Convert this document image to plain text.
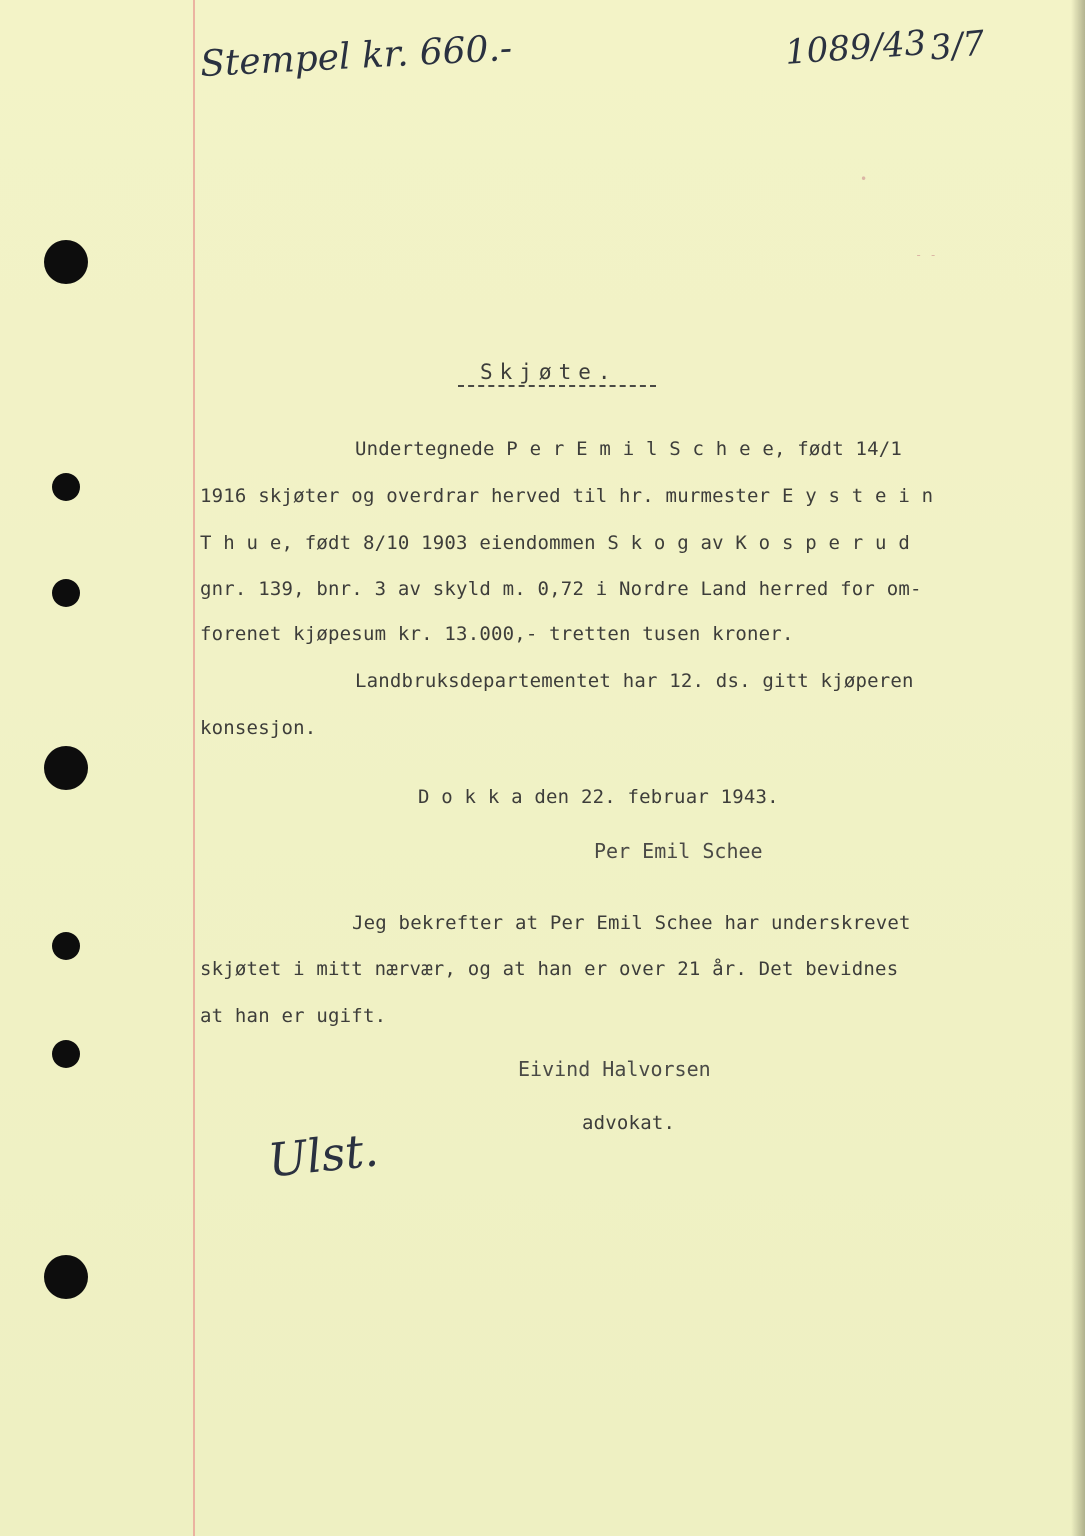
Stempel kr. 660.-	1089/43 3/7
•
- -
Skjøte.
Undertegnede P e r E m i l S c h e e, født 14/1
1916 skjøter og overdrar herved til hr. murmester E y s t e i n
T h u e, født 8/10 1903 eiendommen S k o g av K o s p e r u d
gnr. 139, bnr. 3 av skyld m. 0,72 i Nordre Land herred for om-
forenet kjøpesum kr. 13.000,- tretten tusen kroner.
Landbruksdepartementet har 12. ds. gitt kjøperen
konsesjon.
D o k k a den 22. februar 1943.
Per Emil Schee
Jeg bekrefter at Per Emil Schee har underskrevet
skjøtet i mitt nærvær, og at han er over 21 år. Det bevidnes
at han er ugift.
Eivind Halvorsen
advokat.
Ulst.
